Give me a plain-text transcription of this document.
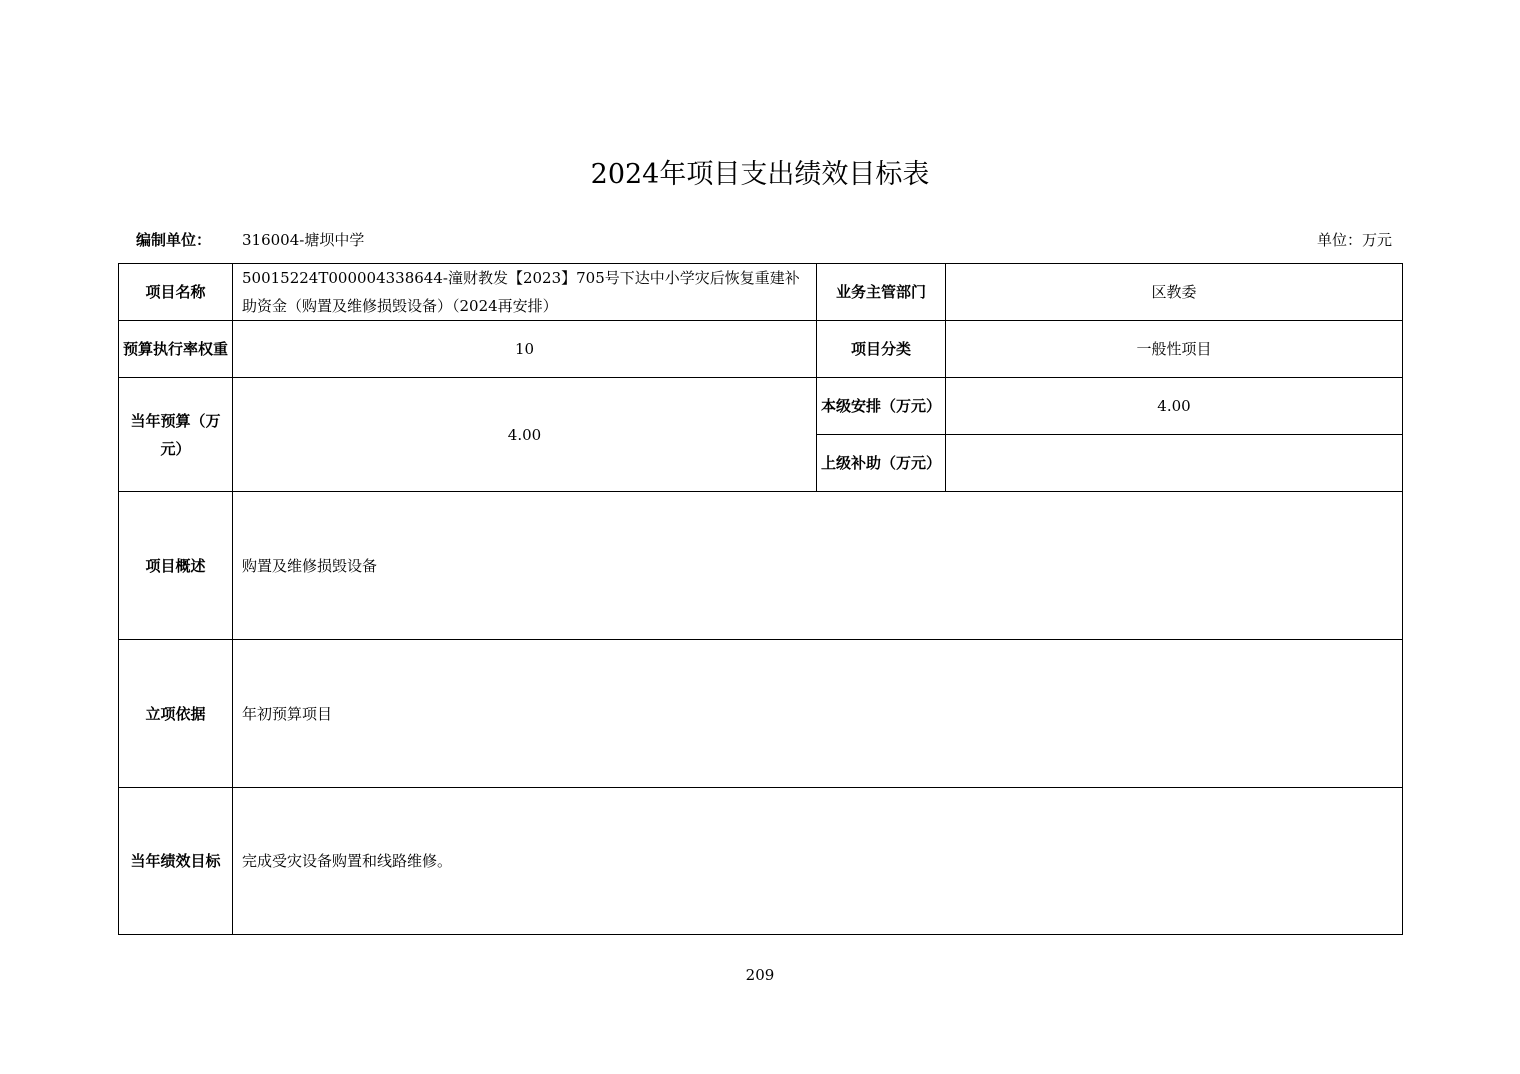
2024年项目支出绩效目标表
编制单位： 316004-塘坝中学	单位：万元
项目名称	50015224T000004338644-潼财教发【2023】705号下达中小学灾后恢复重建补助资金（购置及维修损毁设备）（2024再安排）	业务主管部门	区教委
预算执行率权重	10	项目分类	一般性项目
当年预算（万元）	4.00	本级安排（万元）	4.00
		上级补助（万元）	
项目概述	购置及维修损毁设备		
立项依据	年初预算项目		
当年绩效目标	完成受灾设备购置和线路维修。		
209
